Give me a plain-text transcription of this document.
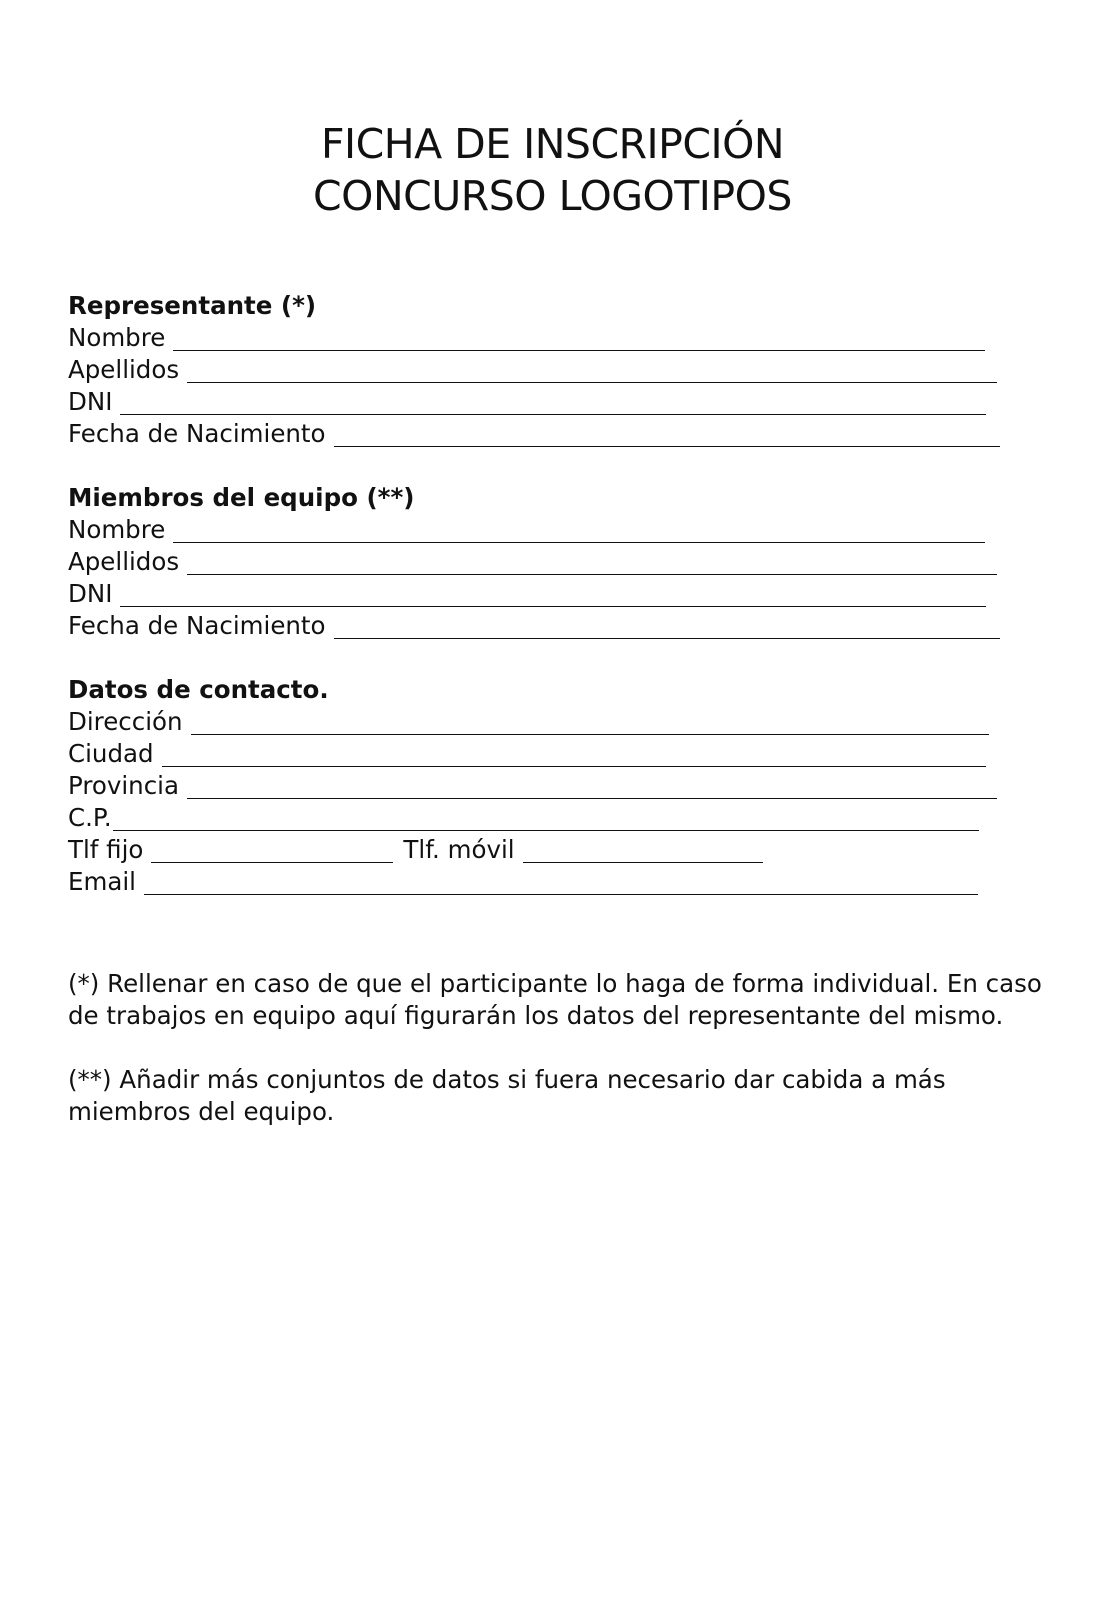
FICHA DE INSCRIPCIÓN
CONCURSO LOGOTIPOS
Representante (*)
Nombre
Apellidos
DNI
Fecha de Nacimiento
Miembros del equipo (**)
Nombre
Apellidos
DNI
Fecha de Nacimiento
Datos de contacto.
Dirección
Ciudad
Provincia
C.P.
Tlf fijo	Tlf. móvil
Email

(*) Rellenar en caso de que el participante lo haga de forma individual. En caso de trabajos en equipo aquí figurarán los datos del representante del mismo.

(**) Añadir más conjuntos de datos si fuera necesario dar cabida a más miembros del equipo.
